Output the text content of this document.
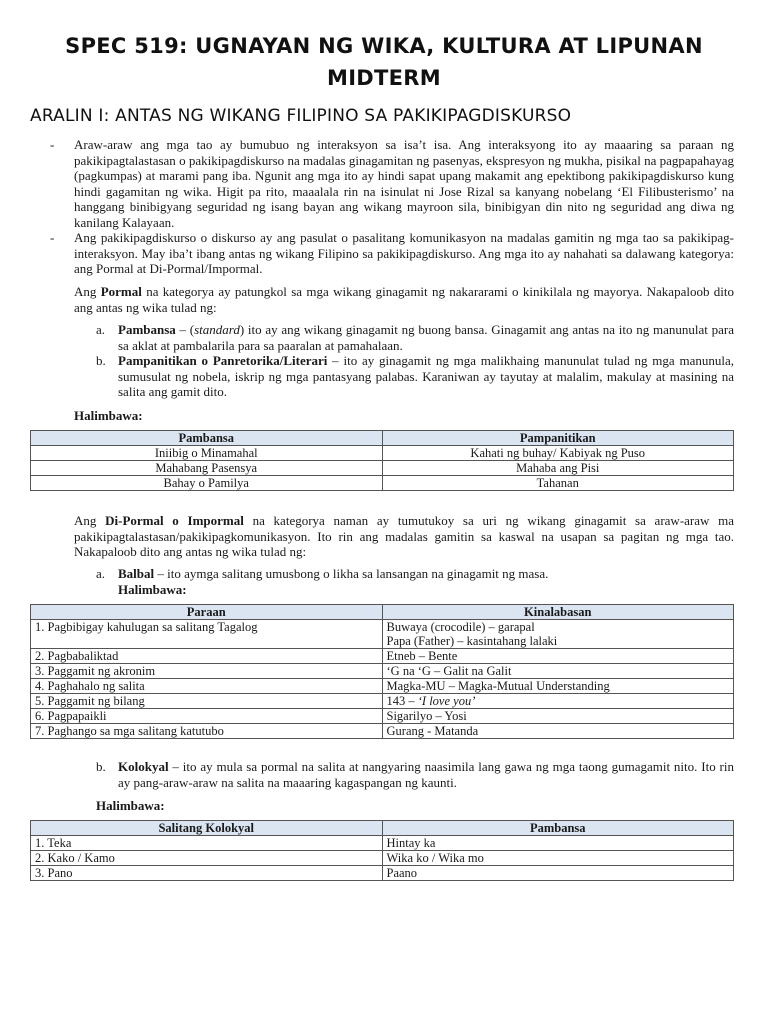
SPEC 519: UGNAYAN NG WIKA, KULTURA AT LIPUNAN
MIDTERM
ARALIN I: ANTAS NG WIKANG FILIPINO SA PAKIKIPAGDISKURSO
- Araw-araw ang mga tao ay bumubuo ng interaksyon sa isa’t isa. Ang interaksyong ito ay maaaring sa paraan ng pakikipagtalastasan o pakikipagdiskurso na madalas ginagamitan ng pasenyas, ekspresyon ng mukha, pisikal na pagpapahayag (pagkumpas) at marami pang iba. Ngunit ang mga ito ay hindi sapat upang makamit ang epektibong pakikipagdiskurso kung hindi gagamitan ng wika. Higit pa rito, maaalala rin na isinulat ni Jose Rizal sa kanyang nobelang ‘El Filibusterismo’ na hanggang binibigyang seguridad ng isang bayan ang wikang mayroon sila, binibigyan din nito ng seguridad ang diwa ng kanilang Kalayaan.
- Ang pakikipagdiskurso o diskurso ay ang pasulat o pasalitang komunikasyon na madalas gamitin ng mga tao sa pakikipag-interaksyon. May iba’t ibang antas ng wikang Filipino sa pakikipagdiskurso. Ang mga ito ay nahahati sa dalawang kategorya: ang Pormal at Di-Pormal/Impormal.
Ang Pormal na kategorya ay patungkol sa mga wikang ginagamit ng nakararami o kinikilala ng mayorya. Nakapaloob dito ang antas ng wika tulad ng:
a. Pambansa – (standard) ito ay ang wikang ginagamit ng buong bansa. Ginagamit ang antas na ito ng manunulat para sa aklat at pambalarila para sa paaralan at pamahalaan.
b. Pampanitikan o Panretorika/Literari – ito ay ginagamit ng mga malikhaing manunulat tulad ng mga manunula, sumusulat ng nobela, iskrip ng mga pantasyang palabas. Karaniwan ay tayutay at malalim, makulay at masining na salita ang gamit dito.
Halimbawa:
Pambansa	Pampanitikan
Iniibig o Minamahal	Kahati ng buhay/ Kabiyak ng Puso
Mahabang Pasensya	Mahaba ang Pisi
Bahay o Pamilya	Tahanan
Ang Di-Pormal o Impormal na kategorya naman ay tumutukoy sa uri ng wikang ginagamit sa araw-araw ma pakikipagtalastasan/pakikipagkomunikasyon. Ito rin ang madalas gamitin sa kaswal na usapan sa pagitan ng mga tao. Nakapaloob dito ang antas ng wika tulad ng:
a. Balbal – ito aymga salitang umusbong o likha sa lansangan na ginagamit ng masa.
Halimbawa:
Paraan	Kinalabasan
1. Pagbibigay kahulugan sa salitang Tagalog	Buwaya (crocodile) – garapal
	Papa (Father) – kasintahang lalaki
2. Pagbabaliktad	Etneb – Bente
3. Paggamit ng akronim	‘G na ‘G – Galit na Galit
4. Paghahalo ng salita	Magka-MU – Magka-Mutual Understanding
5. Paggamit ng bilang	143 – ‘I love you’
6. Pagpapaikli	Sigarilyo – Yosi
7. Paghango sa mga salitang katutubo	Gurang - Matanda
b. Kolokyal – ito ay mula sa pormal na salita at nangyaring naasimila lang gawa ng mga taong gumagamit nito. Ito rin ay pang-araw-araw na salita na maaaring kagaspangan ng kaunti.
Halimbawa:
Salitang Kolokyal	Pambansa
1. Teka	Hintay ka
2. Kako / Kamo	Wika ko / Wika mo
3. Pano	Paano
